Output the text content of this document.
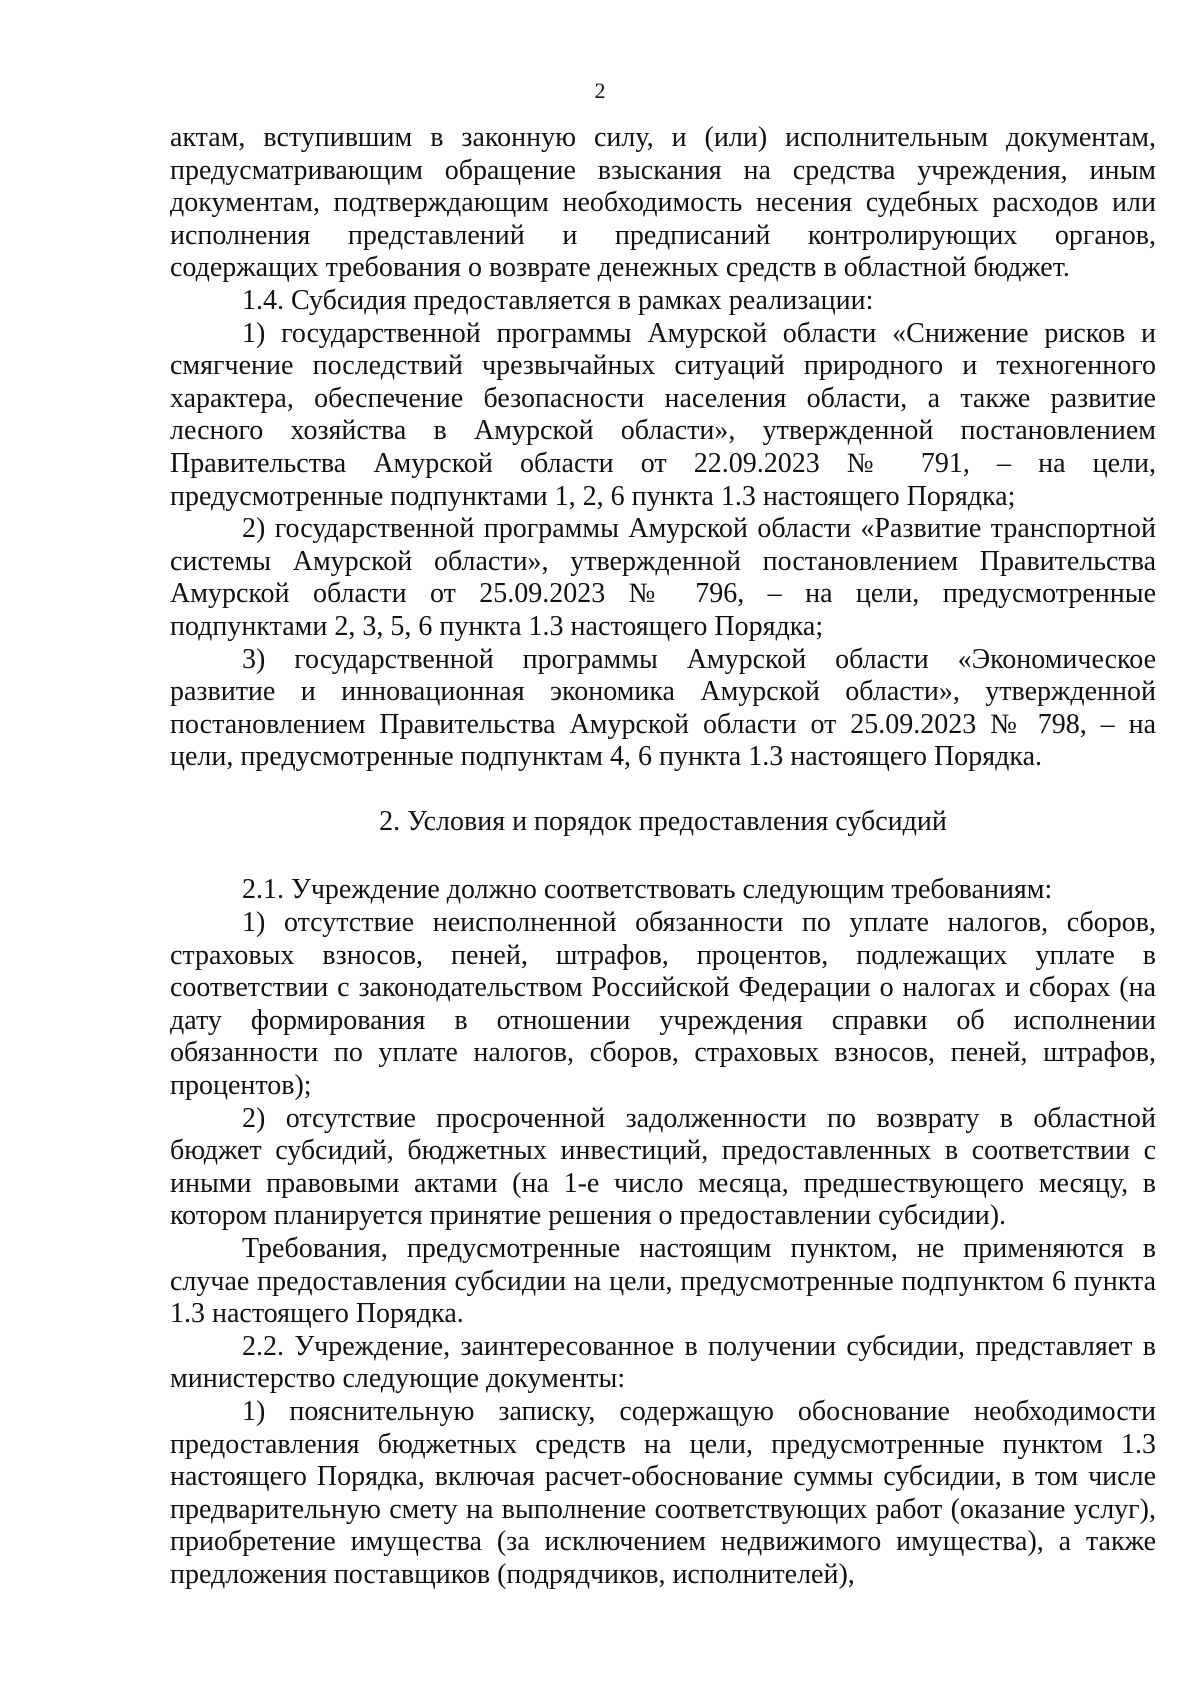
2

актам, вступившим в законную силу, и (или) исполнительным документам, предусматривающим обращение взыскания на средства учреждения, иным документам, подтверждающим необходимость несения судебных расходов или исполнения представлений и предписаний контролирующих органов, содержащих требования о возврате денежных средств в областной бюджет.

1.4. Субсидия предоставляется в рамках реализации:

1) государственной программы Амурской области «Снижение рисков и смягчение последствий чрезвычайных ситуаций природного и техногенного характера, обеспечение безопасности населения области, а также развитие лесного хозяйства в Амурской области», утвержденной постановлением Правительства Амурской области от 22.09.2023 № 791, – на цели, предусмотренные подпунктами 1, 2, 6 пункта 1.3 настоящего Порядка;

2) государственной программы Амурской области «Развитие транспортной системы Амурской области», утвержденной постановлением Правительства Амурской области от 25.09.2023 № 796, – на цели, предусмотренные подпунктами 2, 3, 5, 6 пункта 1.3 настоящего Порядка;

3) государственной программы Амурской области «Экономическое развитие и инновационная экономика Амурской области», утвержденной постановлением Правительства Амурской области от 25.09.2023 № 798, – на цели, предусмотренные подпунктам 4, 6 пункта 1.3 настоящего Порядка.

2. Условия и порядок предоставления субсидий

2.1. Учреждение должно соответствовать следующим требованиям:

1) отсутствие неисполненной обязанности по уплате налогов, сборов, страховых взносов, пеней, штрафов, процентов, подлежащих уплате в соответствии с законодательством Российской Федерации о налогах и сборах (на дату формирования в отношении учреждения справки об исполнении обязанности по уплате налогов, сборов, страховых взносов, пеней, штрафов, процентов);

2) отсутствие просроченной задолженности по возврату в областной бюджет субсидий, бюджетных инвестиций, предоставленных в соответствии с иными правовыми актами (на 1-е число месяца, предшествующего месяцу, в котором планируется принятие решения о предоставлении субсидии).

Требования, предусмотренные настоящим пунктом, не применяются в случае предоставления субсидии на цели, предусмотренные подпунктом 6 пункта 1.3 настоящего Порядка.

2.2. Учреждение, заинтересованное в получении субсидии, представляет в министерство следующие документы:

1) пояснительную записку, содержащую обоснование необходимости предоставления бюджетных средств на цели, предусмотренные пунктом 1.3 настоящего Порядка, включая расчет-обоснование суммы субсидии, в том числе предварительную смету на выполнение соответствующих работ (оказание услуг), приобретение имущества (за исключением недвижимого имущества), а также предложения поставщиков (подрядчиков, исполнителей),
